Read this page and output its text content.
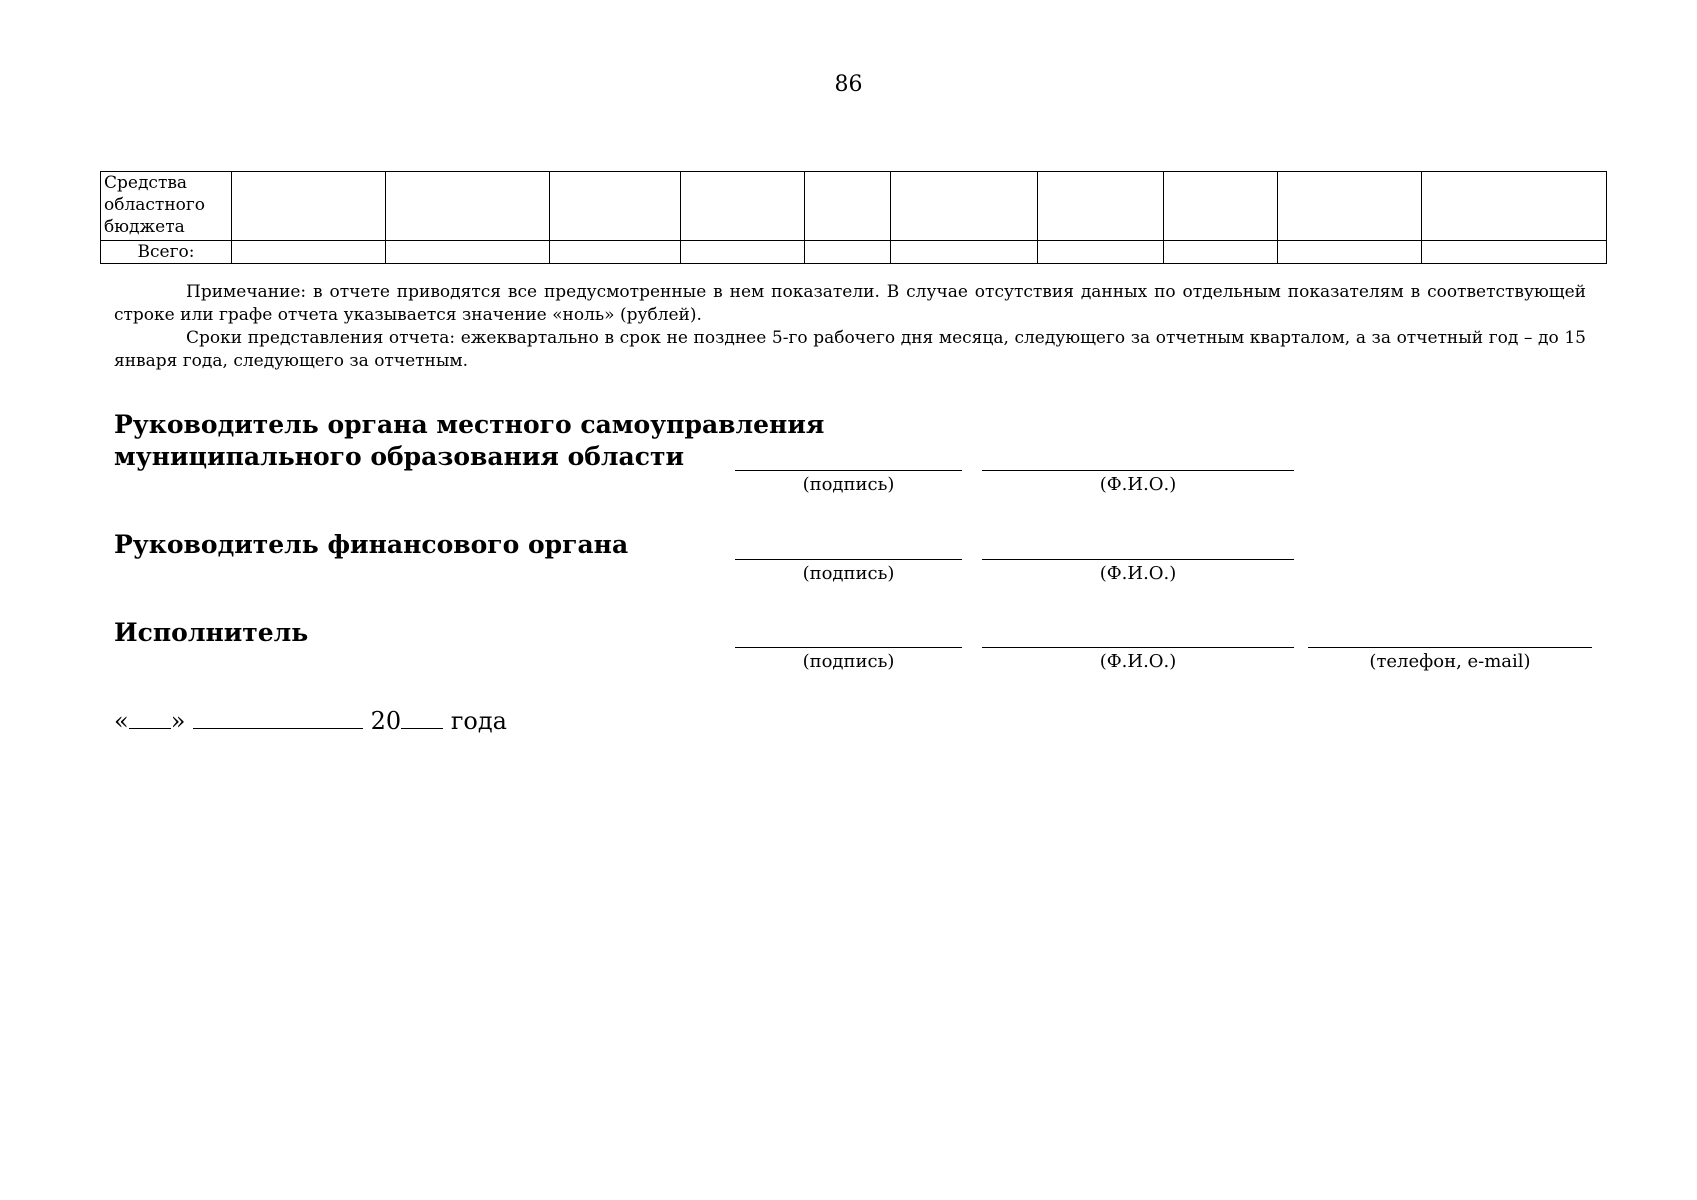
86
Средства
областного
бюджета										
Всего:										

Примечание: в отчете приводятся все предусмотренные в нем показатели. В случае отсутствия данных по отдельным показателям в соответствующей строке или графе отчета указывается значение «ноль» (рублей).

Сроки представления отчета: ежеквартально в срок не позднее 5-го рабочего дня месяца, следующего за отчетным кварталом, а за отчетный год – до 15 января года, следующего за отчетным.

Руководитель органа местного самоуправления
муниципального образования области
(подпись)	(Ф.И.О.)
Руководитель финансового органа
(подпись)	(Ф.И.О.)
Исполнитель
(подпись)	(Ф.И.О.)	(телефон, e-mail)
« »	20 года
